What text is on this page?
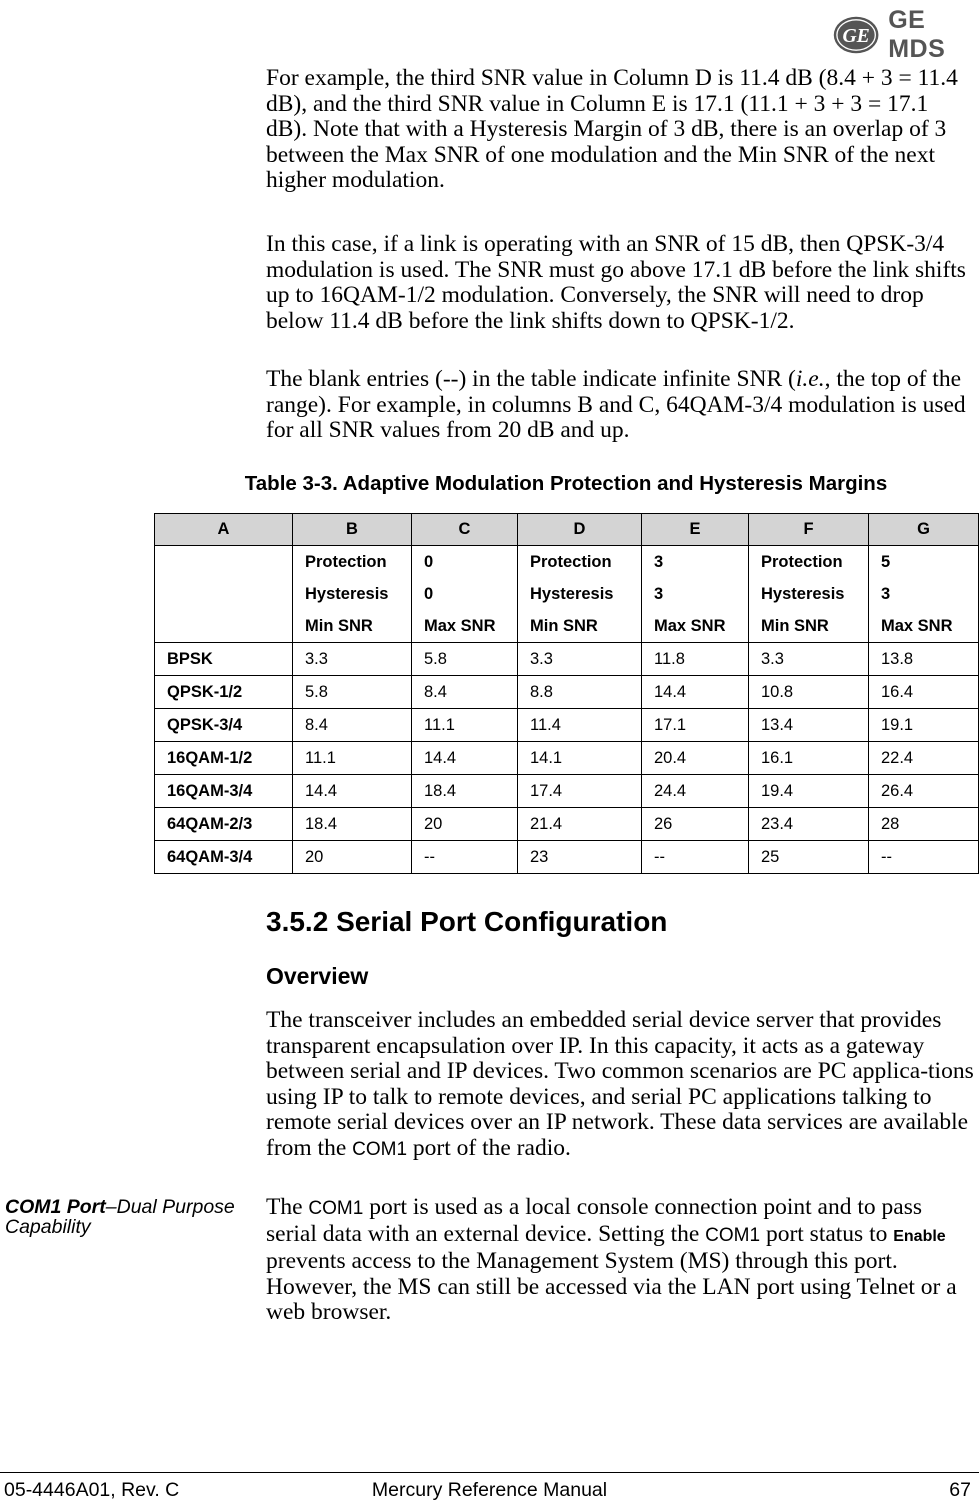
GE
GE MDS

For example, the third SNR value in Column D is 11.4 dB (8.4 + 3 = 11.4 dB), and the third SNR value in Column E is 17.1 (11.1 + 3 + 3 = 17.1 dB). Note that with a Hysteresis Margin of 3 dB, there is an overlap of 3 between the Max SNR of one modulation and the Min SNR of the next higher modulation.

In this case, if a link is operating with an SNR of 15 dB, then QPSK-3/4 modulation is used. The SNR must go above 17.1 dB before the link shifts up to 16QAM-1/2 modulation. Conversely, the SNR will need to drop below 11.4 dB before the link shifts down to QPSK-1/2.

The blank entries (--) in the table indicate infinite SNR (i.e., the top of the range). For example, in columns B and C, 64QAM-3/4 modulation is used for all SNR values from 20 dB and up.

Table 3-3. Adaptive Modulation Protection and Hysteresis Margins
A	B	C	D	E	F	G
	Protection	0	Protection	3	Protection	5
	Hysteresis	0	Hysteresis	3	Hysteresis	3
	Min SNR	Max SNR	Min SNR	Max SNR	Min SNR	Max SNR
BPSK	3.3	5.8	3.3	11.8	3.3	13.8
QPSK-1/2	5.8	8.4	8.8	14.4	10.8	16.4
QPSK-3/4	8.4	11.1	11.4	17.1	13.4	19.1
16QAM-1/2	11.1	14.4	14.1	20.4	16.1	22.4
16QAM-3/4	14.4	18.4	17.4	24.4	19.4	26.4
64QAM-2/3	18.4	20	21.4	26	23.4	28
64QAM-3/4	20	--	23	--	25	--
3.5.2 Serial Port Configuration
Overview

The transceiver includes an embedded serial device server that provides transparent encapsulation over IP. In this capacity, it acts as a gateway between serial and IP devices. Two common scenarios are PC applica-tions using IP to talk to remote devices, and serial PC applications talking to remote serial devices over an IP network. These data services are available from the COM1 port of the radio.

COM1 Port–Dual Purpose Capability

The COM1 port is used as a local console connection point and to pass serial data with an external device. Setting the COM1 port status to Enable prevents access to the Management System (MS) through this port. However, the MS can still be accessed via the LAN port using Telnet or a web browser.

05-4446A01, Rev. C	Mercury Reference Manual	67
